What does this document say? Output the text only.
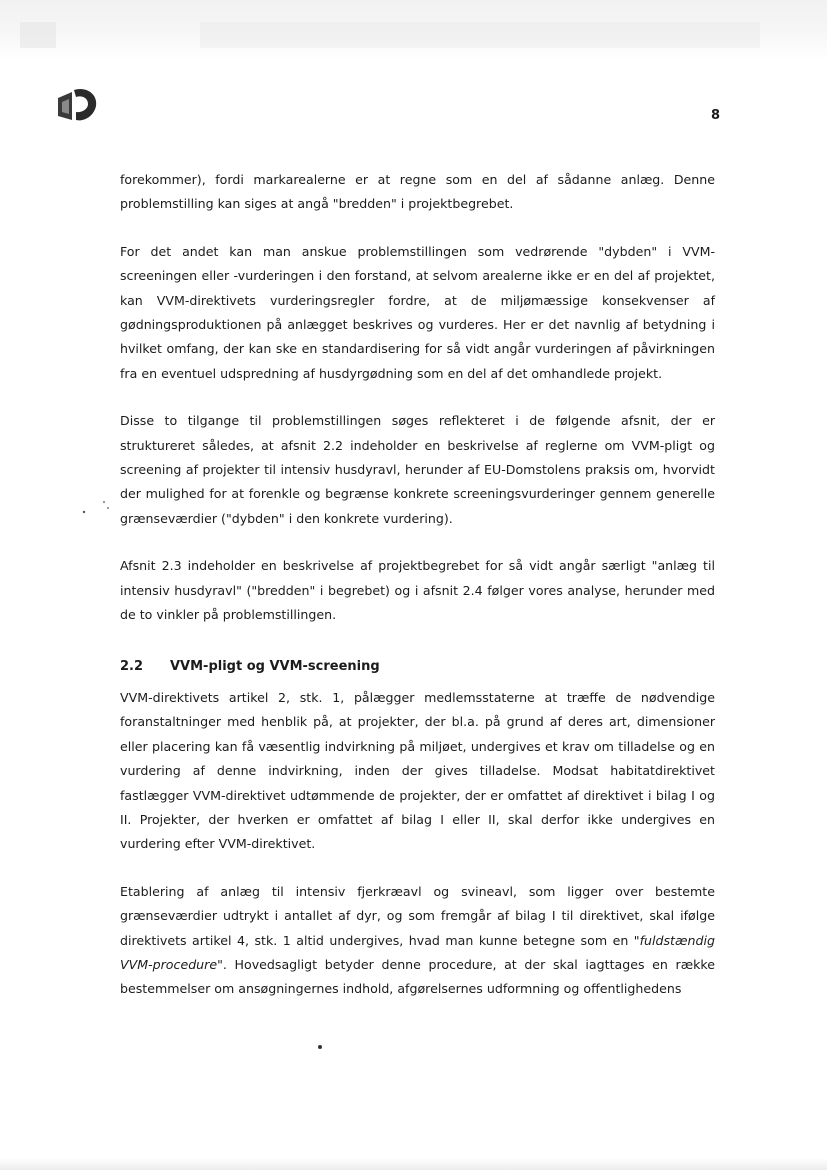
8

forekommer), fordi markarealerne er at regne som en del af sådanne anlæg. Denne problemstilling kan siges at angå "bredden" i projektbegrebet.

For det andet kan man anskue problemstillingen som vedrørende "dybden" i VVM-screeningen eller -vurderingen i den forstand, at selvom arealerne ikke er en del af projektet, kan VVM-direktivets vurderingsregler fordre, at de miljømæssige konsekvenser af gødningsproduktionen på anlægget beskrives og vurderes. Her er det navnlig af betydning i hvilket omfang, der kan ske en standardisering for så vidt angår vurderingen af påvirkningen fra en eventuel udspredning af husdyrgødning som en del af det omhandlede projekt.

Disse to tilgange til problemstillingen søges reflekteret i de følgende afsnit, der er struktureret således, at afsnit 2.2 indeholder en beskrivelse af reglerne om VVM-pligt og screening af projekter til intensiv husdyravl, herunder af EU-Domstolens praksis om, hvorvidt der mulighed for at forenkle og begrænse konkrete screeningsvurderinger gennem generelle grænseværdier ("dybden" i den konkrete vurdering).

Afsnit 2.3 indeholder en beskrivelse af projektbegrebet for så vidt angår særligt "anlæg til intensiv husdyravl" ("bredden" i begrebet) og i afsnit 2.4 følger vores analyse, herunder med de to vinkler på problemstillingen.

2.2	VVM-pligt og VVM-screening

VVM-direktivets artikel 2, stk. 1, pålægger medlemsstaterne at træffe de nødvendige foranstaltninger med henblik på, at projekter, der bl.a. på grund af deres art, dimensioner eller placering kan få væsentlig indvirkning på miljøet, undergives et krav om tilladelse og en vurdering af denne indvirkning, inden der gives tilladelse. Modsat habitatdirektivet fastlægger VVM-direktivet udtømmende de projekter, der er omfattet af direktivet i bilag I og II. Projekter, der hverken er omfattet af bilag I eller II, skal derfor ikke undergives en vurdering efter VVM-direktivet.

Etablering af anlæg til intensiv fjerkræavl og svineavl, som ligger over bestemte grænseværdier udtrykt i antallet af dyr, og som fremgår af bilag I til direktivet, skal ifølge direktivets artikel 4, stk. 1 altid undergives, hvad man kunne betegne som en "fuldstændig VVM-procedure". Hovedsagligt betyder denne procedure, at der skal iagttages en række bestemmelser om ansøgningernes indhold, afgørelsernes udformning og offentlighedens
